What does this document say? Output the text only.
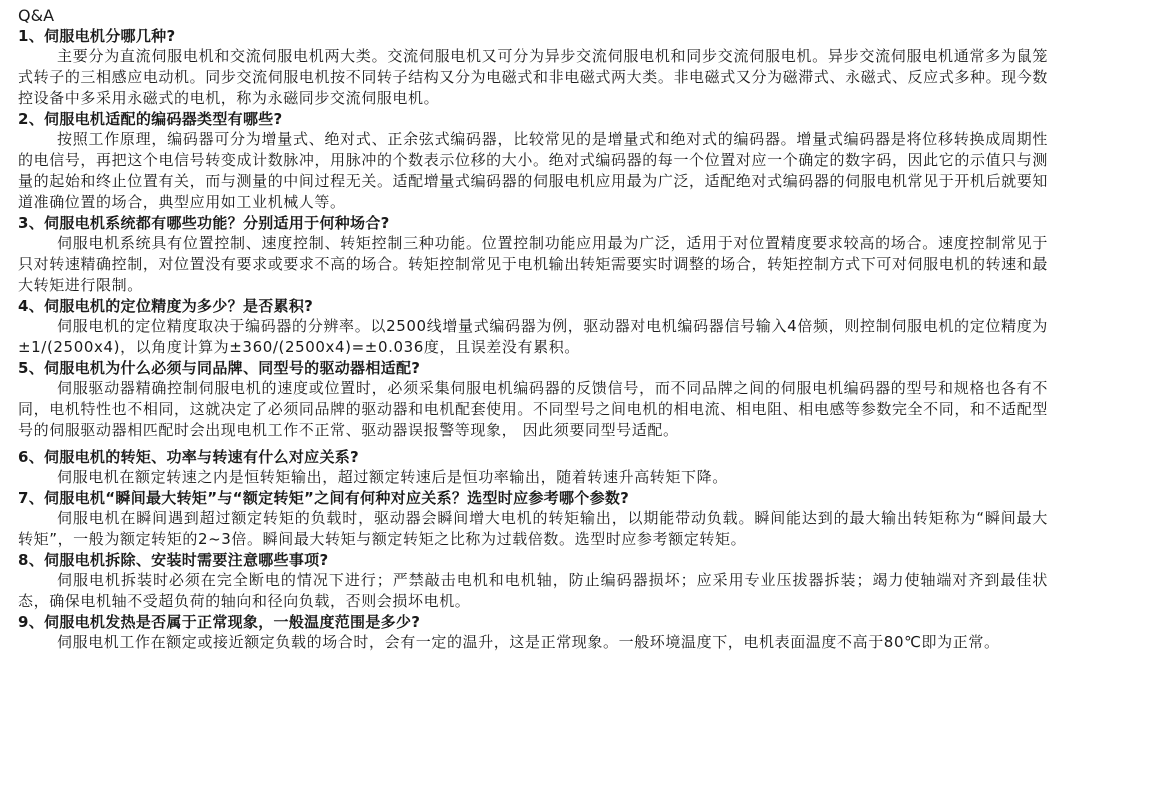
Q&A

1、伺服电机分哪几种?

主要分为直流伺服电机和交流伺服电机两大类。交流伺服电机又可分为异步交流伺服电机和同步交流伺服电机。异步交流伺服电机通常多为鼠笼式转子的三相感应电动机。同步交流伺服电机按不同转子结构又分为电磁式和非电磁式两大类。非电磁式又分为磁滞式、永磁式、反应式多种。现今数控设备中多采用永磁式的电机，称为永磁同步交流伺服电机。

2、伺服电机适配的编码器类型有哪些?

按照工作原理，编码器可分为增量式、绝对式、正余弦式编码器，比较常见的是增量式和绝对式的编码器。增量式编码器是将位移转换成周期性的电信号，再把这个电信号转变成计数脉冲，用脉冲的个数表示位移的大小。绝对式编码器的每一个位置对应一个确定的数字码，因此它的示值只与测量的起始和终止位置有关，而与测量的中间过程无关。适配增量式编码器的伺服电机应用最为广泛，适配绝对式编码器的伺服电机常见于开机后就要知道准确位置的场合，典型应用如工业机械人等。

3、伺服电机系统都有哪些功能？分别适用于何种场合?

伺服电机系统具有位置控制、速度控制、转矩控制三种功能。位置控制功能应用最为广泛，适用于对位置精度要求较高的场合。速度控制常见于只对转速精确控制，对位置没有要求或要求不高的场合。转矩控制常见于电机输出转矩需要实时调整的场合，转矩控制方式下可对伺服电机的转速和最大转矩进行限制。

4、伺服电机的定位精度为多少？是否累积?

伺服电机的定位精度取决于编码器的分辨率。以2500线增量式编码器为例，驱动器对电机编码器信号输入4倍频，则控制伺服电机的定位精度为±1/(2500x4)，以角度计算为±360/(2500x4)=±0.036度，且误差没有累积。

5、伺服电机为什么必须与同品牌、同型号的驱动器相适配?

伺服驱动器精确控制伺服电机的速度或位置时，必须采集伺服电机编码器的反馈信号，而不同品牌之间的伺服电机编码器的型号和规格也各有不同，电机特性也不相同，这就决定了必须同品牌的驱动器和电机配套使用。不同型号之间电机的相电流、相电阻、相电感等参数完全不同，和不适配型号的伺服驱动器相匹配时会出现电机工作不正常、驱动器误报警等现象， 因此须要同型号适配。

6、伺服电机的转矩、功率与转速有什么对应关系?

伺服电机在额定转速之内是恒转矩输出，超过额定转速后是恒功率输出，随着转速升高转矩下降。

7、伺服电机“瞬间最大转矩”与“额定转矩”之间有何种对应关系？选型时应参考哪个参数?

伺服电机在瞬间遇到超过额定转矩的负载时，驱动器会瞬间增大电机的转矩输出，以期能带动负载。瞬间能达到的最大输出转矩称为“瞬间最大转矩”，一般为额定转矩的2~3倍。瞬间最大转矩与额定转矩之比称为过载倍数。选型时应参考额定转矩。

8、伺服电机拆除、安装时需要注意哪些事项?

伺服电机拆装时必须在完全断电的情况下进行；严禁敲击电机和电机轴，防止编码器损坏；应采用专业压拔器拆装；竭力使轴端对齐到最佳状态，确保电机轴不受超负荷的轴向和径向负载，否则会损坏电机。

9、伺服电机发热是否属于正常现象，一般温度范围是多少?

伺服电机工作在额定或接近额定负载的场合时，会有一定的温升，这是正常现象。一般环境温度下，电机表面温度不高于80℃即为正常。
